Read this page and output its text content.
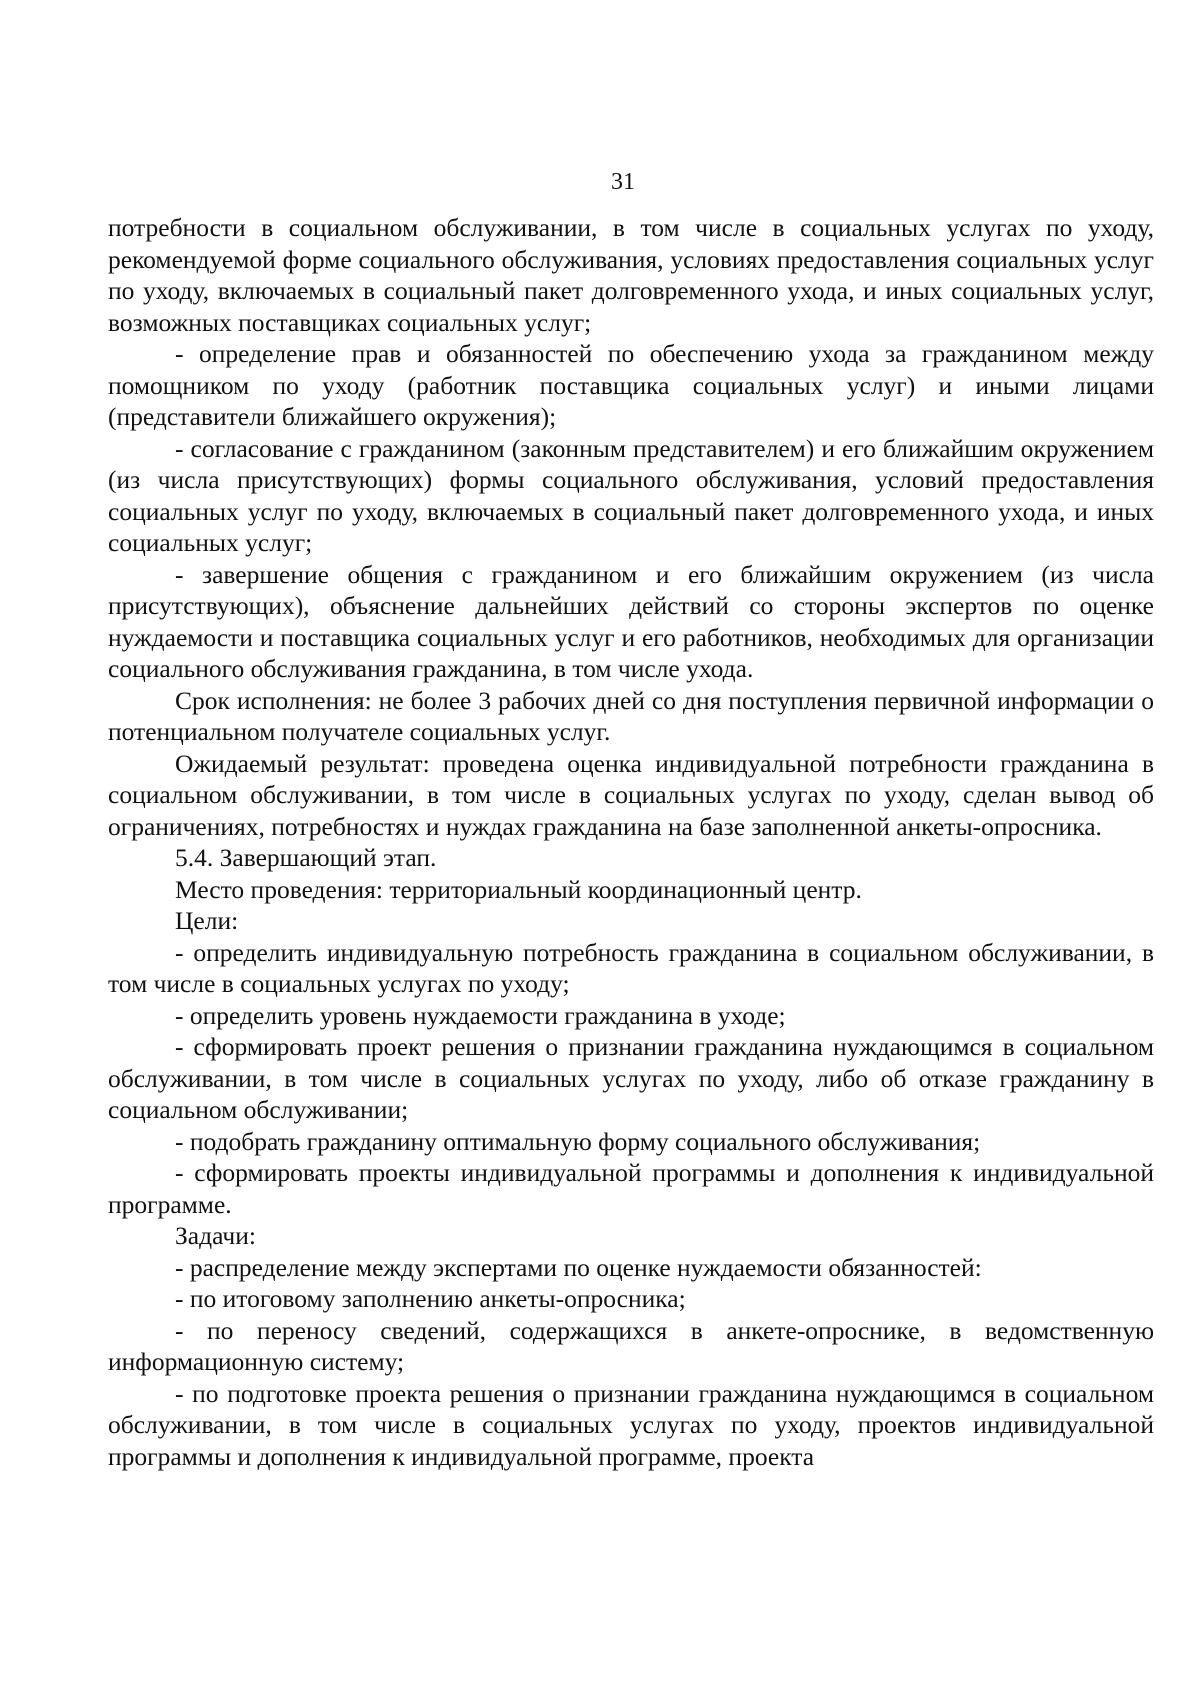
31

потребности в социальном обслуживании, в том числе в социальных услугах по уходу, рекомендуемой форме социального обслуживания, условиях предоставления социальных услуг по уходу, включаемых в социальный пакет долговременного ухода, и иных социальных услуг, возможных поставщиках социальных услуг;

- определение прав и обязанностей по обеспечению ухода за гражданином между помощником по уходу (работник поставщика социальных услуг) и иными лицами (представители ближайшего окружения);

- согласование с гражданином (законным представителем) и его ближайшим окружением (из числа присутствующих) формы социального обслуживания, условий предоставления социальных услуг по уходу, включаемых в социальный пакет долговременного ухода, и иных социальных услуг;

- завершение общения с гражданином и его ближайшим окружением (из числа присутствующих), объяснение дальнейших действий со стороны экспертов по оценке нуждаемости и поставщика социальных услуг и его работников, необходимых для организации социального обслуживания гражданина, в том числе ухода.

Срок исполнения: не более 3 рабочих дней со дня поступления первичной информации о потенциальном получателе социальных услуг.

Ожидаемый результат: проведена оценка индивидуальной потребности гражданина в социальном обслуживании, в том числе в социальных услугах по уходу, сделан вывод об ограничениях, потребностях и нуждах гражданина на базе заполненной анкеты-опросника.

5.4. Завершающий этап.

Место проведения: территориальный координационный центр.

Цели:

- определить индивидуальную потребность гражданина в социальном обслуживании, в том числе в социальных услугах по уходу;

- определить уровень нуждаемости гражданина в уходе;

- сформировать проект решения о признании гражданина нуждающимся в социальном обслуживании, в том числе в социальных услугах по уходу, либо об отказе гражданину в социальном обслуживании;

- подобрать гражданину оптимальную форму социального обслуживания;

- сформировать проекты индивидуальной программы и дополнения к индивидуальной программе.

Задачи:

- распределение между экспертами по оценке нуждаемости обязанностей:

- по итоговому заполнению анкеты-опросника;

- по переносу сведений, содержащихся в анкете-опроснике, в ведомственную информационную систему;

- по подготовке проекта решения о признании гражданина нуждающимся в социальном обслуживании, в том числе в социальных услугах по уходу, проектов индивидуальной программы и дополнения к индивидуальной программе, проекта
